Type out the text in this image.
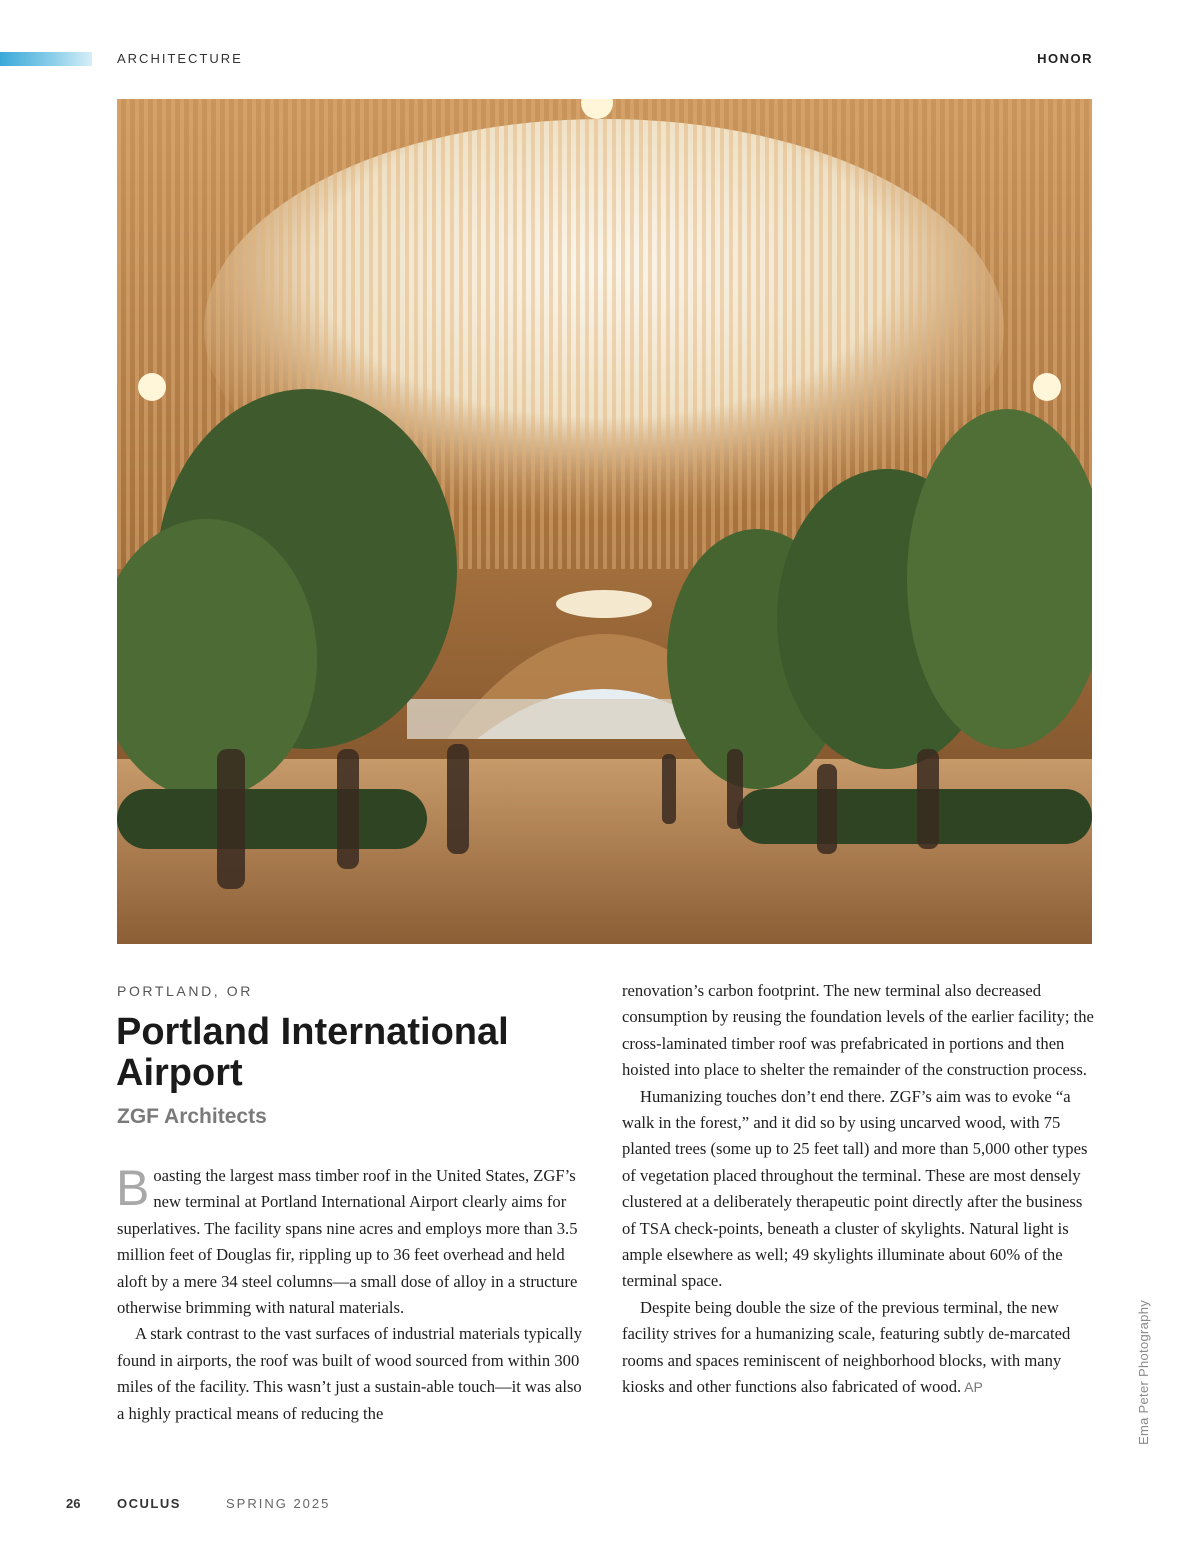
ARCHITECTURE	HONOR
Ema Peter Photography
PORTLAND, OR
Portland International Airport
ZGF Architects

Boasting the largest mass timber roof in the United States, ZGF’s new terminal at Portland International Airport clearly aims for superlatives. The facility spans nine acres and employs more than 3.5 million feet of Douglas fir, rippling up to 36 feet overhead and held aloft by a mere 34 steel columns—a small dose of alloy in a structure otherwise brimming with natural materials.

A stark contrast to the vast surfaces of industrial materials typically found in airports, the roof was built of wood sourced from within 300 miles of the facility. This wasn’t just a sustain-able touch—it was also a highly practical means of reducing the

renovation’s carbon footprint. The new terminal also decreased consumption by reusing the foundation levels of the earlier facility; the cross-laminated timber roof was prefabricated in portions and then hoisted into place to shelter the remainder of the construction process.

Humanizing touches don’t end there. ZGF’s aim was to evoke “a walk in the forest,” and it did so by using uncarved wood, with 75 planted trees (some up to 25 feet tall) and more than 5,000 other types of vegetation placed throughout the terminal. These are most densely clustered at a deliberately therapeutic point directly after the business of TSA check-points, beneath a cluster of skylights. Natural light is ample elsewhere as well; 49 skylights illuminate about 60% of the terminal space.

Despite being double the size of the previous terminal, the new facility strives for a humanizing scale, featuring subtly de-marcated rooms and spaces reminiscent of neighborhood blocks, with many kiosks and other functions also fabricated of wood. AP

26	OCULUS	SPRING 2025
